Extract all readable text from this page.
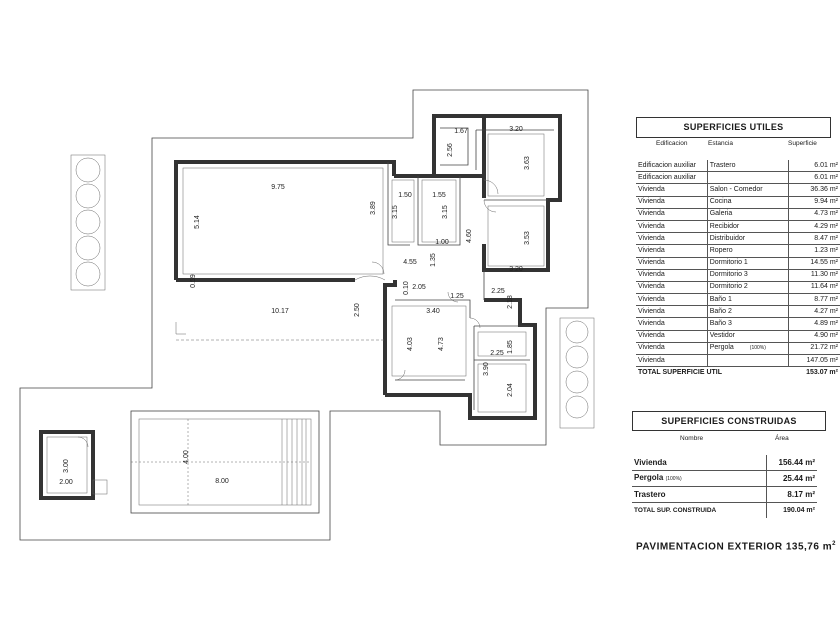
9.75
5.14
3.89
1.50	1.55
3.15	3.15
4.60
1.00
4.55 1.35
0.59
0.10 2.05
1.25
2.25
2.18
10.17	2.50	3.40
4.03	4.73
2.25 1.85
3.90
2.04
1.67
2.56
3.20
3.63
3.53
3.20
4.00
8.00
3.00
2.00
SUPERFICIES UTILES
Edificacion	Estancia	Superficie
Edificacion auxiliar	Trastero	6.01 m²
Edificacion auxiliar		6.01 m²
Vivienda	Salon - Comedor	36.36 m²
Vivienda	Cocina	9.94 m²
Vivienda	Galeria	4.73 m²
Vivienda	Recibidor	4.29 m²
Vivienda	Distribuidor	8.47 m²
Vivienda	Ropero	1.23 m²
Vivienda	Dormitorio 1	14.55 m²
Vivienda	Dormitorio 3	11.30 m²
Vivienda	Dormitorio 2	11.64 m²
Vivienda	Baño 1	8.77 m²
Vivienda	Baño 2	4.27 m²
Vivienda	Baño 3	4.89 m²
Vivienda	Vestidor	4.90 m²
Vivienda	Pergola (100%)	21.72 m²
Vivienda		147.05 m²
TOTAL SUPERFICIE UTIL		153.07 m²
SUPERFICIES CONSTRUIDAS
Nombre	Área
Vivienda	156.44 m²
Pergola (100%)	25.44 m²
Trastero	8.17 m²
TOTAL SUP. CONSTRUIDA	190.04 m²
PAVIMENTACION EXTERIOR 135,76 $m^2$
